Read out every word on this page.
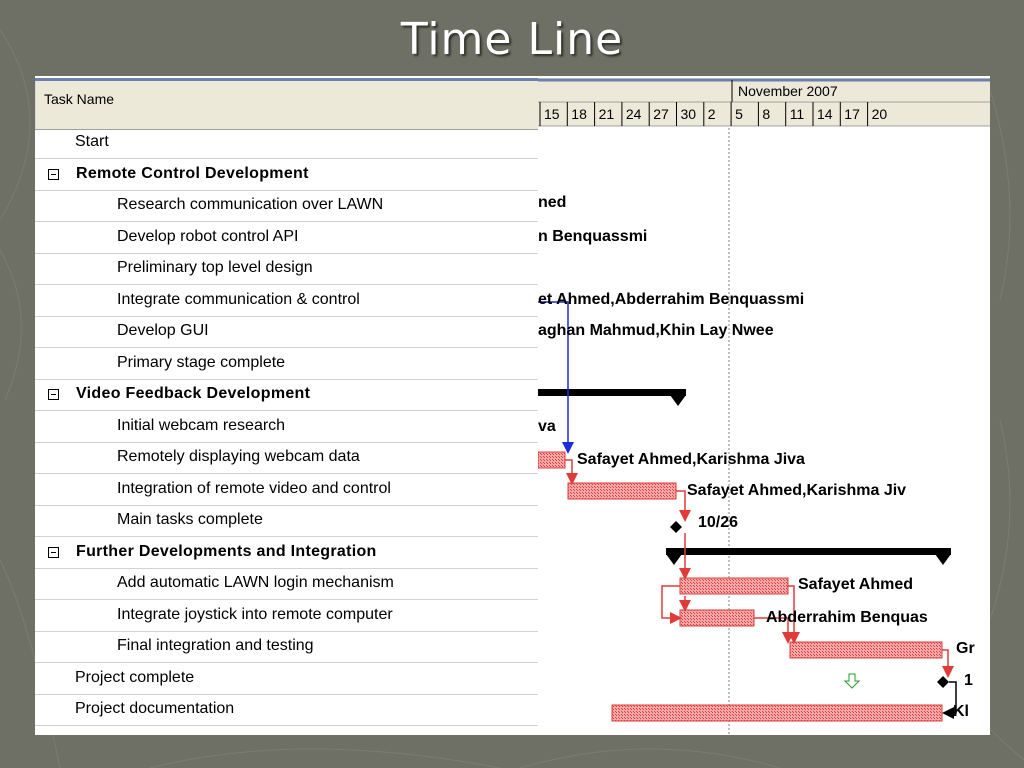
Time Line
Task Name
Start
Remote Control Development
Research communication over LAWN
Develop robot control API
Preliminary top level design
Integrate communication & control
Develop GUI
Primary stage complete
Video Feedback Development
Initial webcam research
Remotely displaying webcam data
Integration of remote video and control
Main tasks complete
Further Developments and Integration
Add automatic LAWN login mechanism
Integrate joystick into remote computer
Final integration and testing
Project complete
Project documentation
November 2007
15 18 21 24 27 30 2 5 8 11 14 17 20
ned
n Benquassmi
et Ahmed,Abderrahim Benquassmi
aghan Mahmud,Khin Lay Nwee
va
Safayet Ahmed,Karishma Jiva
Safayet Ahmed,Karishma Jiv
10/26
Safayet Ahmed
Abderrahim Benquas
Gr
1
Kl
